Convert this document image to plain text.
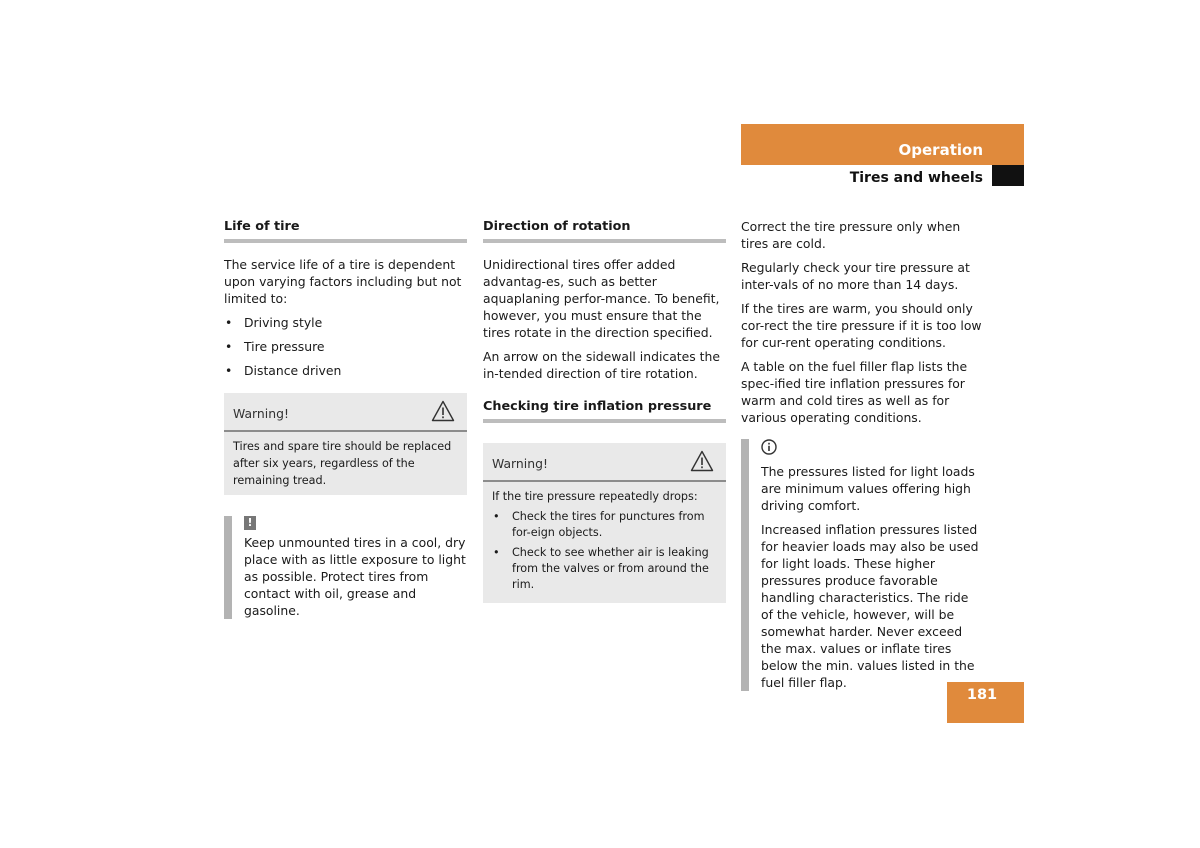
Operation
Tires and wheels
Life of tire

The service life of a tire is dependent upon varying factors including but not limited to:

• Driving style
• Tire pressure
• Distance driven
Warning!
Tires and spare tire should be replaced after six years, regardless of the remaining tread.
!
Keep unmounted tires in a cool, dry place with as little exposure to light as possible. Protect tires from contact with oil, grease and gasoline.
Direction of rotation

Unidirectional tires offer added advantag-es, such as better aquaplaning perfor-mance. To benefit, however, you must ensure that the tires rotate in the direction specified.

An arrow on the sidewall indicates the in-tended direction of tire rotation.

Checking tire inflation pressure
Warning!

If the tire pressure repeatedly drops:

• Check the tires for punctures from for-eign objects.
• Check to see whether air is leaking from the valves or from around the rim.

Correct the tire pressure only when tires are cold.

Regularly check your tire pressure at inter-vals of no more than 14 days.

If the tires are warm, you should only cor-rect the tire pressure if it is too low for cur-rent operating conditions.

A table on the fuel filler flap lists the spec-ified tire inflation pressures for warm and cold tires as well as for various operating conditions.

The pressures listed for light loads are minimum values offering high driving comfort.

Increased inflation pressures listed for heavier loads may also be used for light loads. These higher pressures produce favorable handling characteristics. The ride of the vehicle, however, will be somewhat harder. Never exceed the max. values or inflate tires below the min. values listed in the fuel filler flap.

181
